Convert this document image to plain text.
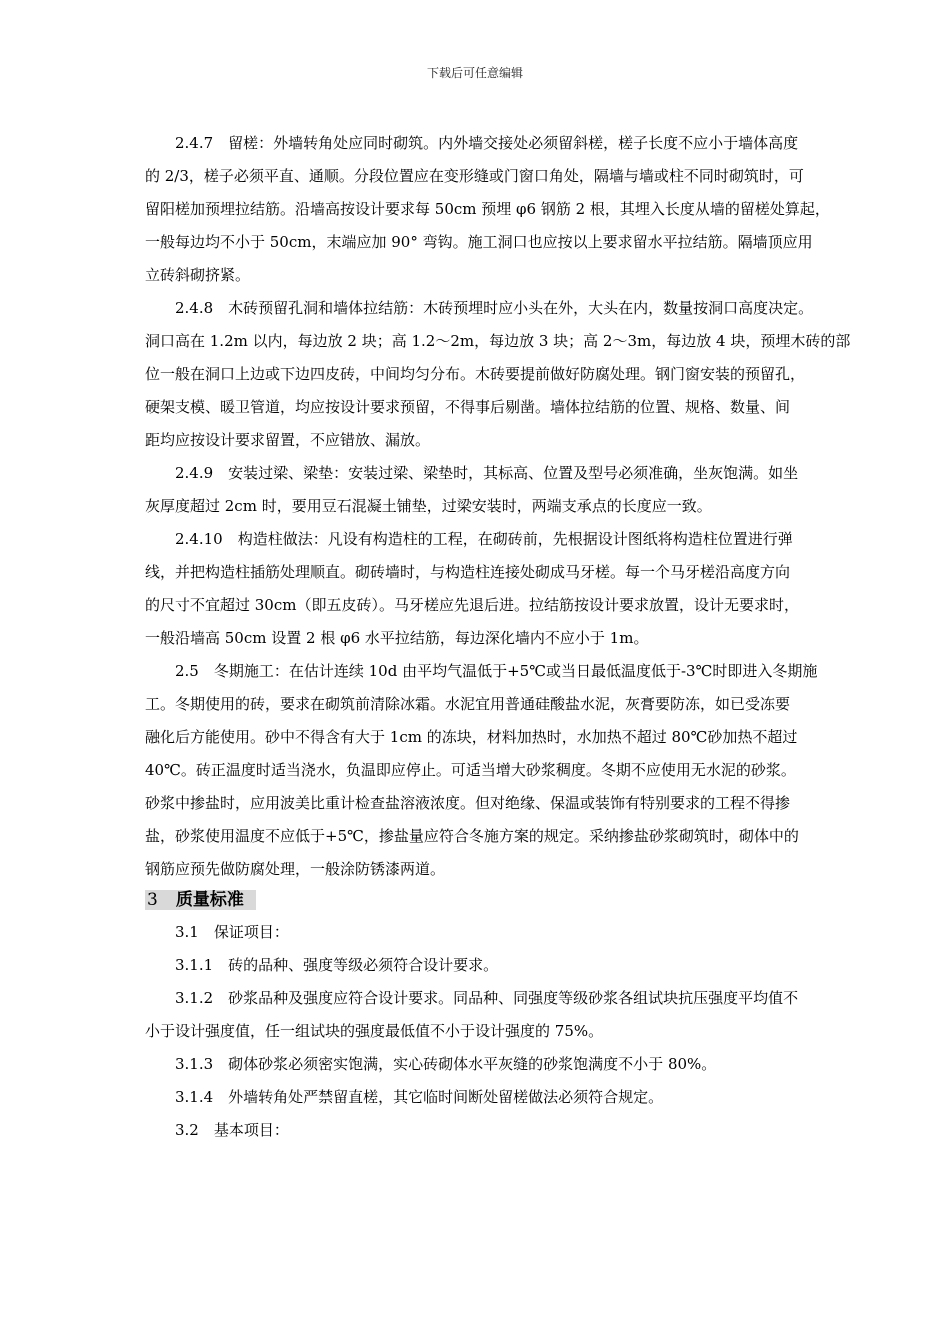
下载后可任意编辑

2.4.7　留槎：外墙转角处应同时砌筑。内外墙交接处必须留斜槎，槎子长度不应小于墙体高度

的 2/3，槎子必须平直、通顺。分段位置应在变形缝或门窗口角处，隔墙与墙或柱不同时砌筑时，可

留阳槎加预埋拉结筋。沿墙高按设计要求每 50cm 预埋 φ6 钢筋 2 根，其埋入长度从墙的留槎处算起，

一般每边均不小于 50cm，末端应加 90° 弯钩。施工洞口也应按以上要求留水平拉结筋。隔墙顶应用

立砖斜砌挤紧。

2.4.8　木砖预留孔洞和墙体拉结筋：木砖预埋时应小头在外，大头在内，数量按洞口高度决定。

洞口高在 1.2m 以内，每边放 2 块；高 1.2～2m，每边放 3 块；高 2～3m，每边放 4 块，预埋木砖的部

位一般在洞口上边或下边四皮砖，中间均匀分布。木砖要提前做好防腐处理。钢门窗安装的预留孔，

硬架支模、暖卫管道，均应按设计要求预留，不得事后剔凿。墙体拉结筋的位置、规格、数量、间

距均应按设计要求留置，不应错放、漏放。

2.4.9　安装过梁、梁垫：安装过梁、梁垫时，其标高、位置及型号必须准确，坐灰饱满。如坐

灰厚度超过 2cm 时，要用豆石混凝土铺垫，过梁安装时，两端支承点的长度应一致。

2.4.10　构造柱做法：凡设有构造柱的工程，在砌砖前，先根据设计图纸将构造柱位置进行弹

线，并把构造柱插筋处理顺直。砌砖墙时，与构造柱连接处砌成马牙槎。每一个马牙槎沿高度方向

的尺寸不宜超过 30cm（即五皮砖）。马牙槎应先退后进。拉结筋按设计要求放置，设计无要求时，

一般沿墙高 50cm 设置 2 根 φ6 水平拉结筋，每边深化墙内不应小于 1m。

2.5　冬期施工：在估计连续 10d 由平均气温低于+5℃或当日最低温度低于-3℃时即进入冬期施

工。冬期使用的砖，要求在砌筑前清除冰霜。水泥宜用普通硅酸盐水泥，灰膏要防冻，如已受冻要

融化后方能使用。砂中不得含有大于 1cm 的冻块，材料加热时，水加热不超过 80℃砂加热不超过

40℃。砖正温度时适当浇水，负温即应停止。可适当增大砂浆稠度。冬期不应使用无水泥的砂浆。

砂浆中掺盐时，应用波美比重计检查盐溶液浓度。但对绝缘、保温或装饰有特别要求的工程不得掺

盐，砂浆使用温度不应低于+5℃，掺盐量应符合冬施方案的规定。采纳掺盐砂浆砌筑时，砌体中的

钢筋应预先做防腐处理，一般涂防锈漆两道。

3 质量标准

3.1　保证项目：

3.1.1　砖的品种、强度等级必须符合设计要求。

3.1.2　砂浆品种及强度应符合设计要求。同品种、同强度等级砂浆各组试块抗压强度平均值不

小于设计强度值，任一组试块的强度最低值不小于设计强度的 75%。

3.1.3　砌体砂浆必须密实饱满，实心砖砌体水平灰缝的砂浆饱满度不小于 80%。

3.1.4　外墙转角处严禁留直槎，其它临时间断处留槎做法必须符合规定。

3.2　基本项目：
